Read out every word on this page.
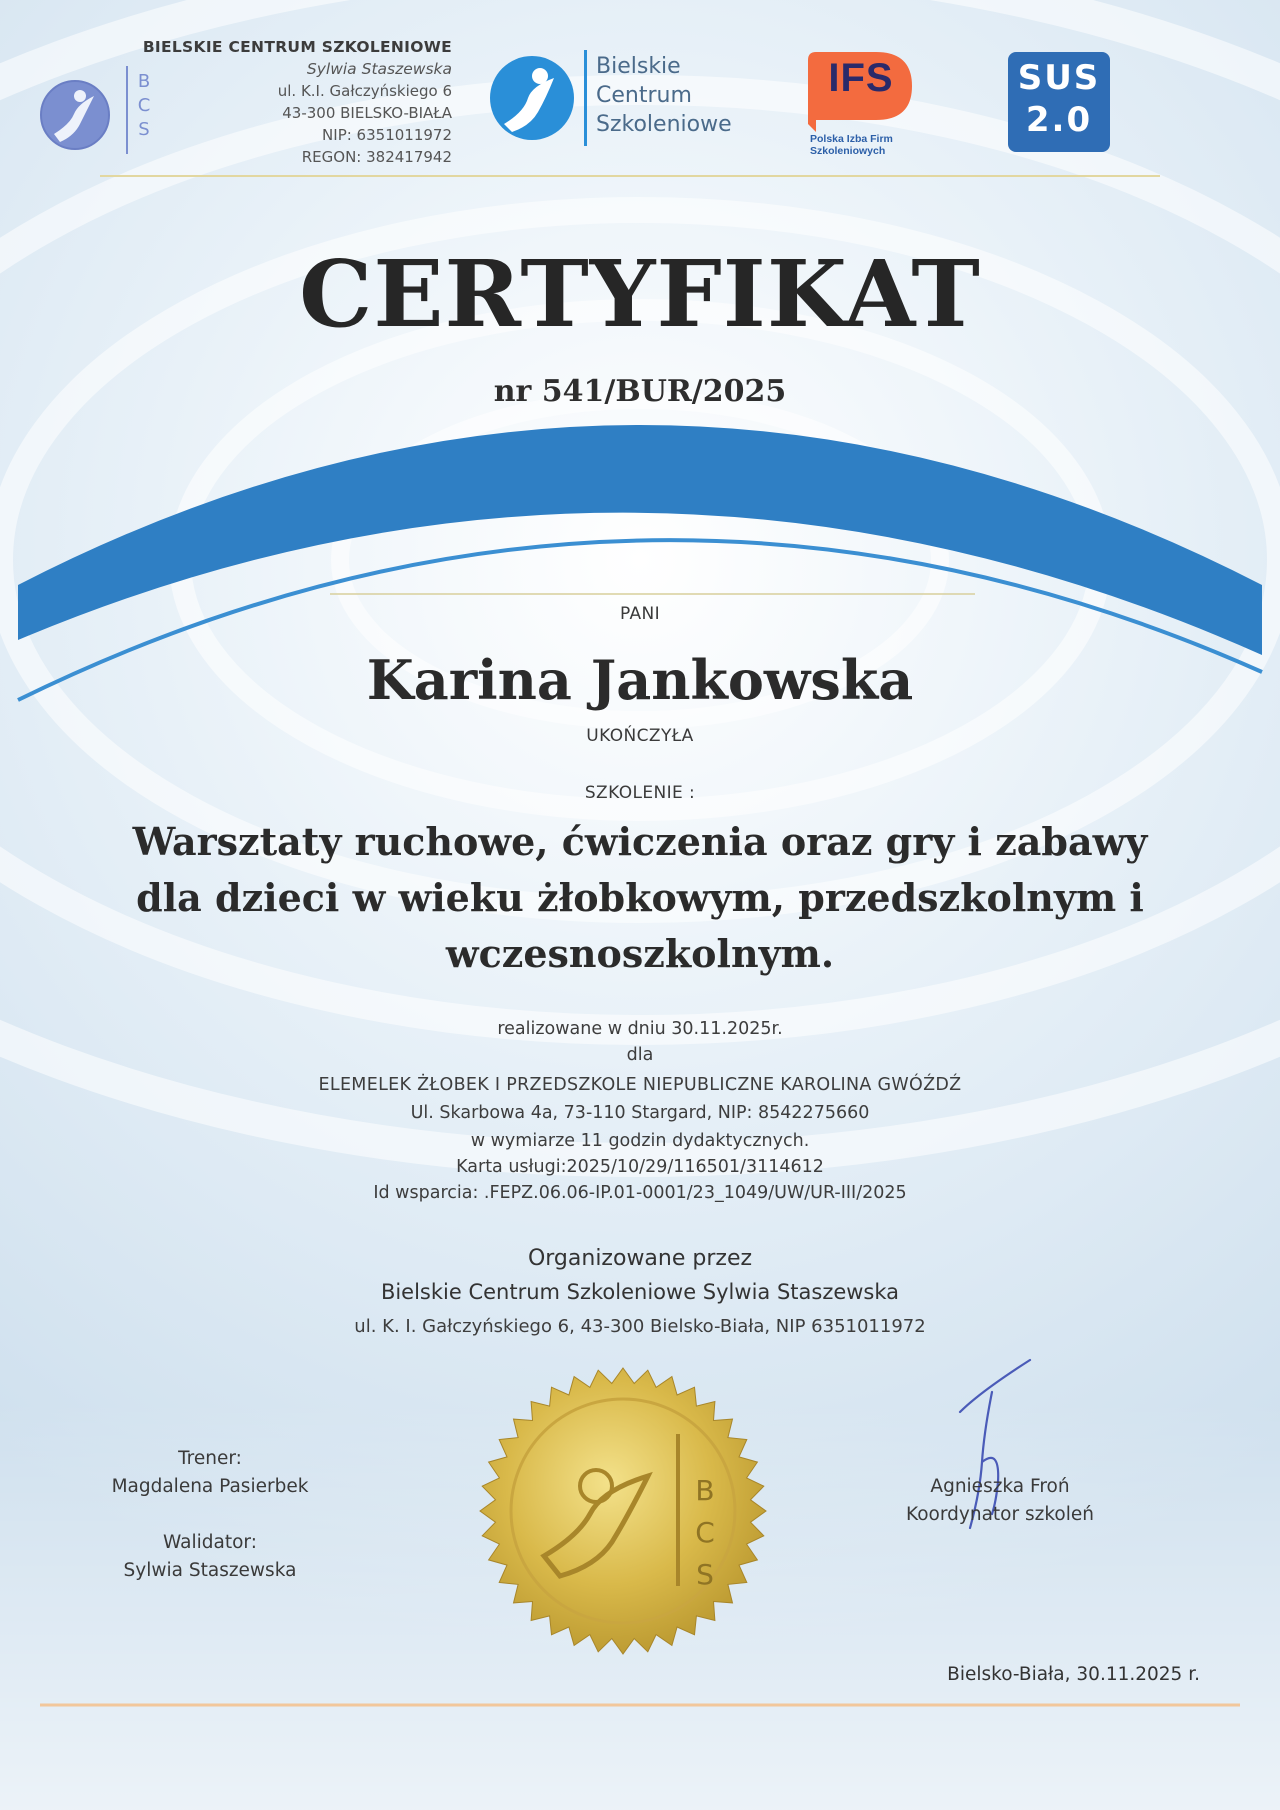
B
C
S
BIELSKIE CENTRUM SZKOLENIOWE
Sylwia Staszewska
ul. K.I. Gałczyńskiego 6
43-300 BIELSKO-BIAŁA
NIP: 6351011972
REGON: 382417942
Bielskie
Centrum
Szkoleniowe
IFS
Polska Izba Firm
Szkoleniowych
SUS
2.0
CERTYFIKAT
nr 541/BUR/2025
PANI
Karina Jankowska
UKOŃCZYŁA
SZKOLENIE :
Warsztaty ruchowe, ćwiczenia oraz gry i zabawy
dla dzieci w wieku żłobkowym, przedszkolnym i
wczesnoszkolnym.
realizowane w dniu 30.11.2025r.
dla
ELEMELEK ŻŁOBEK I PRZEDSZKOLE NIEPUBLICZNE KAROLINA GWÓŹDŹ
Ul. Skarbowa 4a, 73-110 Stargard, NIP: 8542275660
w wymiarze 11 godzin dydaktycznych.
Karta usługi:2025/10/29/116501/3114612
Id wsparcia: .FEPZ.06.06-IP.01-0001/23_1049/UW/UR-III/2025
Organizowane przez
Bielskie Centrum Szkoleniowe Sylwia Staszewska
ul. K. I. Gałczyńskiego 6, 43-300 Bielsko-Biała, NIP 6351011972
Trener:
Magdalena Pasierbek
Walidator:
Sylwia Staszewska
B
C
S
Agnieszka Froń
Koordynator szkoleń
Bielsko-Biała, 30.11.2025 r.
